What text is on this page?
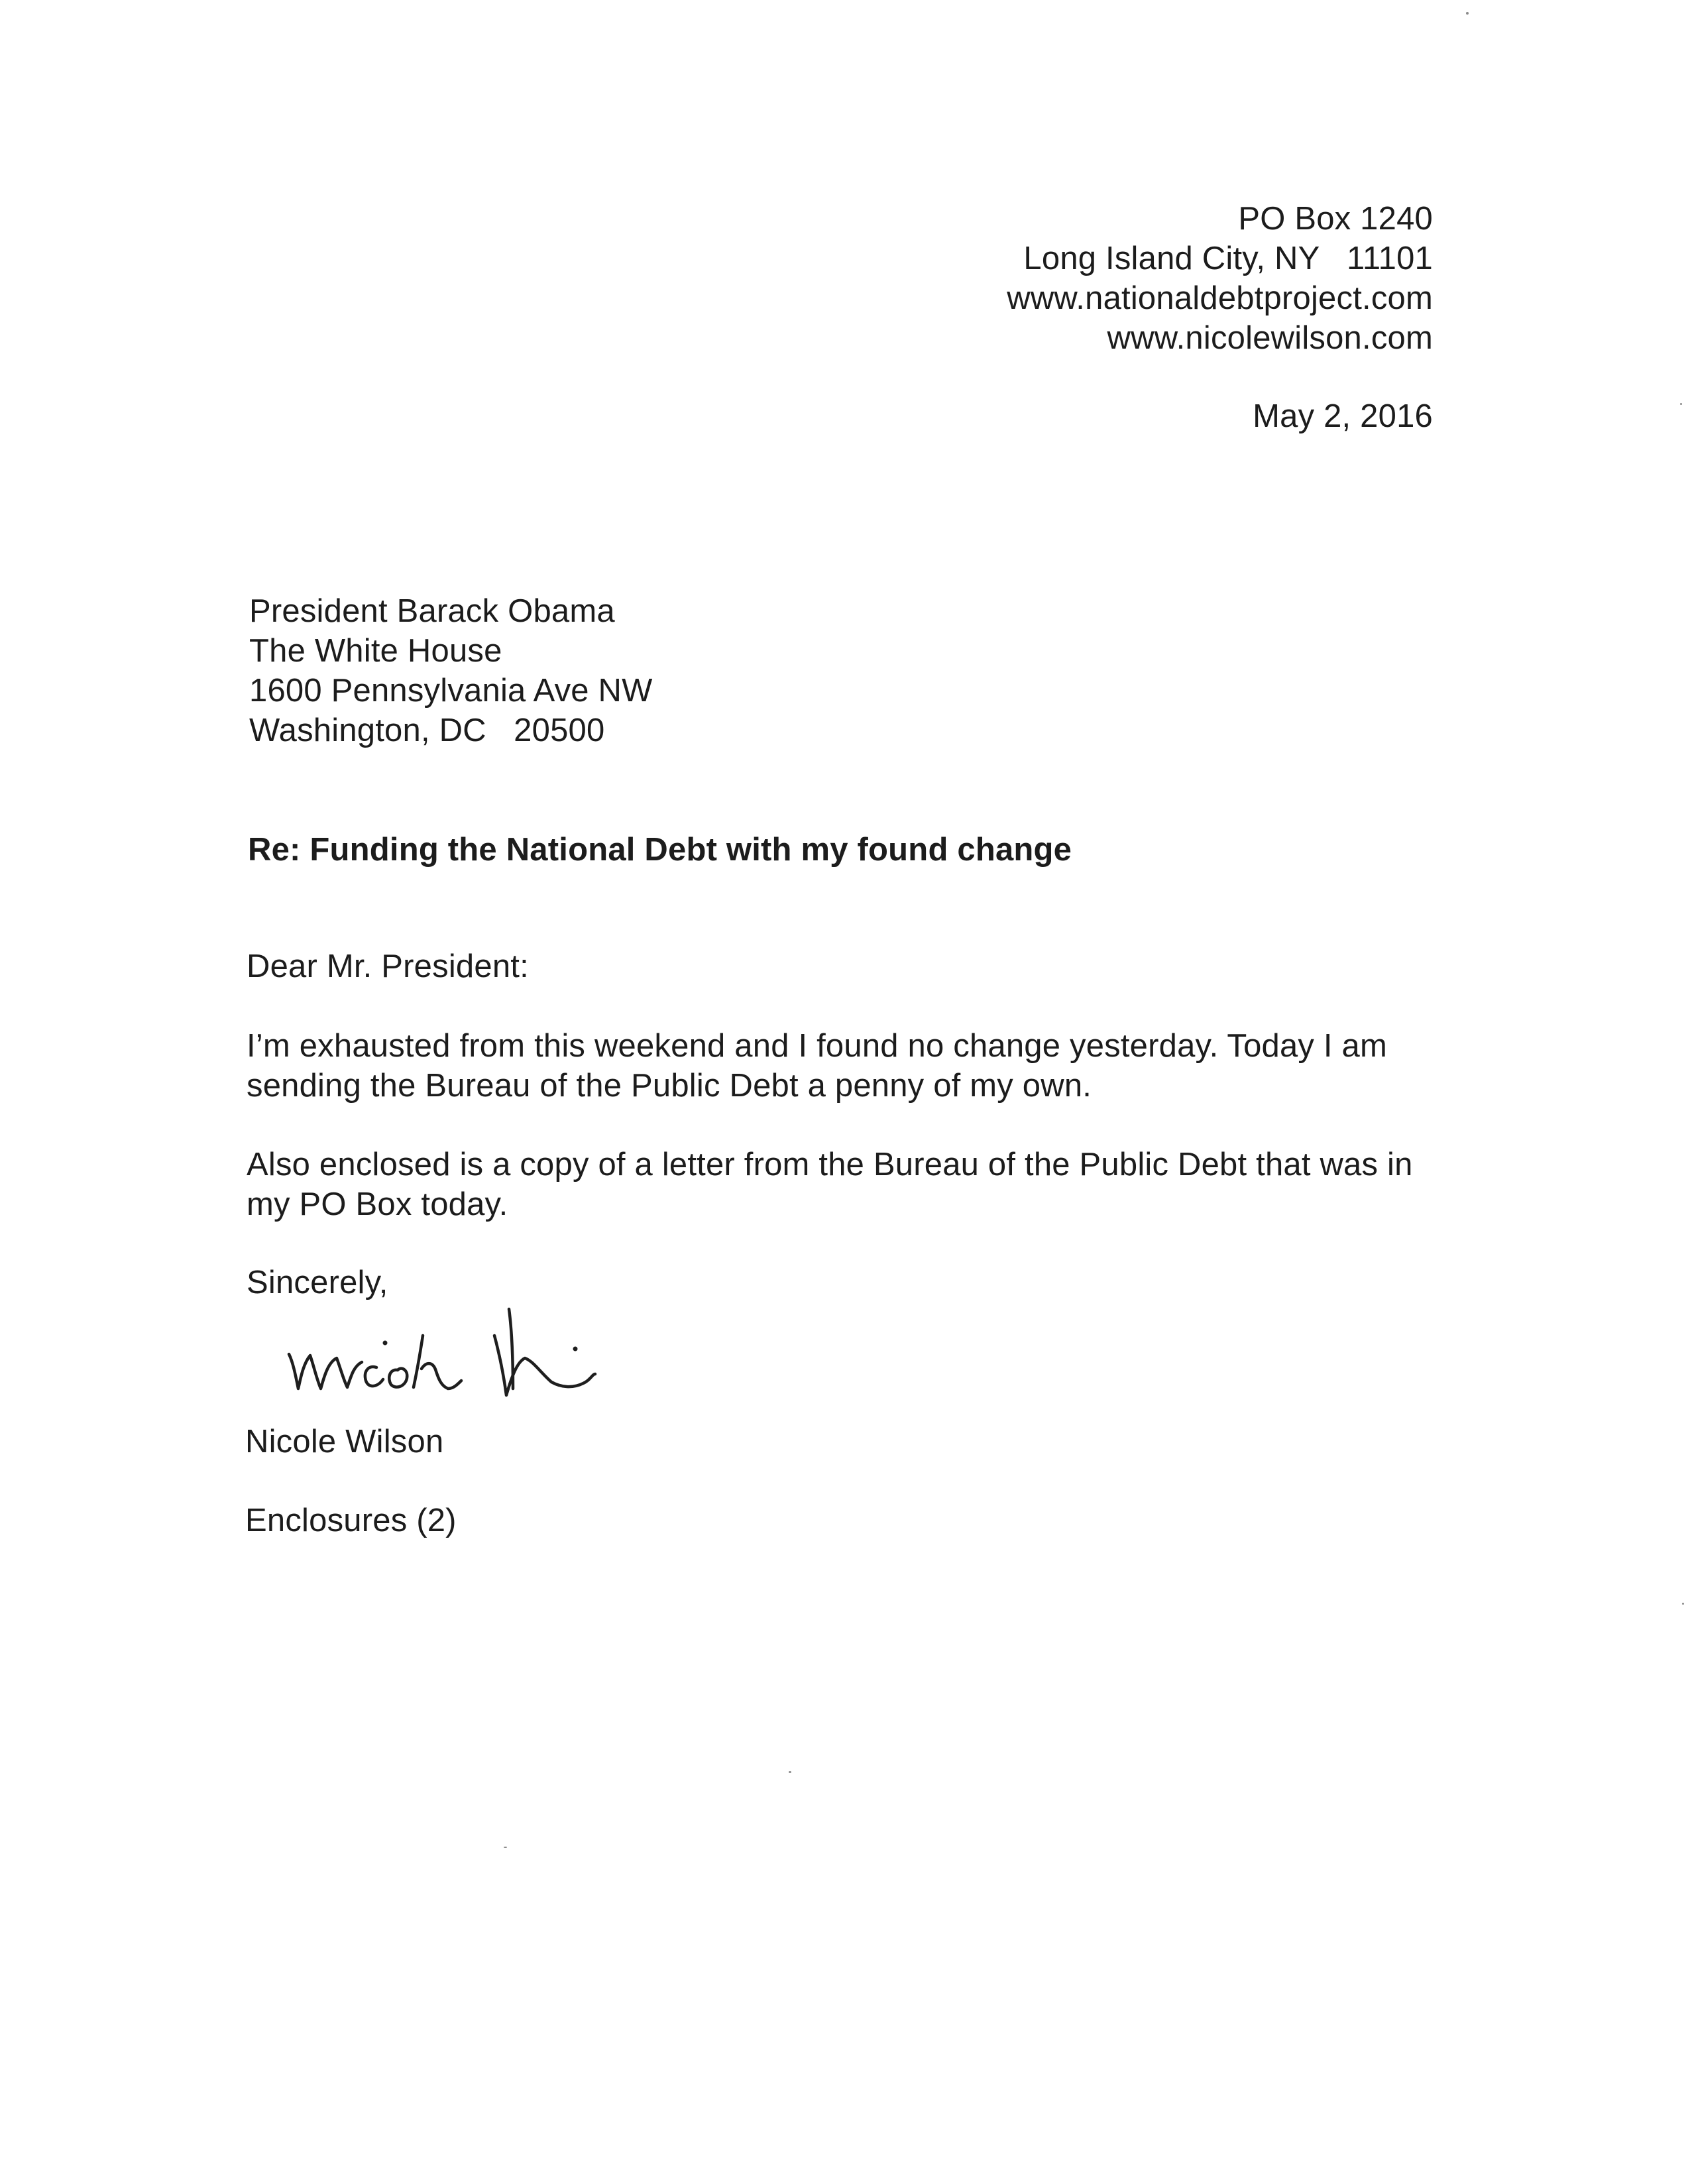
PO Box 1240
Long Island City, NY   11101
www.nationaldebtproject.com
www.nicolewilson.com
May 2, 2016
President Barack Obama
The White House
1600 Pennsylvania Ave NW
Washington, DC   20500
Re: Funding the National Debt with my found change
Dear Mr. President:
I’m exhausted from this weekend and I found no change yesterday. Today I am
sending the Bureau of the Public Debt a penny of my own.
Also enclosed is a copy of a letter from the Bureau of the Public Debt that was in
my PO Box today.
Sincerely,
Nicole Wilson
Enclosures (2)
